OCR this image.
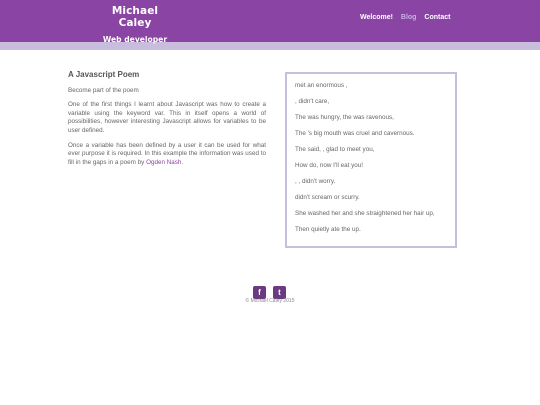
Michael Caley
Web developer
Welcome! Blog Contact
A Javascript Poem

Become part of the poem

One of the first things I learnt about Javascript was how to create a variable using the keyword var. This in itself opens a world of possibilities, however interesting Javascript allows for variables to be user defined.

Once a variable has been defined by a user it can be used for what ever purpose it is required. In this example the information was used to fill in the gaps in a poem by Ogden Nash.

met an enormous ,

, didn't care,

The was hungry, the was ravenous,

The 's big mouth was cruel and cavernous.

The said, , glad to meet you,

How do, now I'll eat you!

, , didn't worry.

didn't scream or scurry.

She washed her and she straightened her hair up,

Then quietly ate the up.

f t
© Michael Caley 2015
